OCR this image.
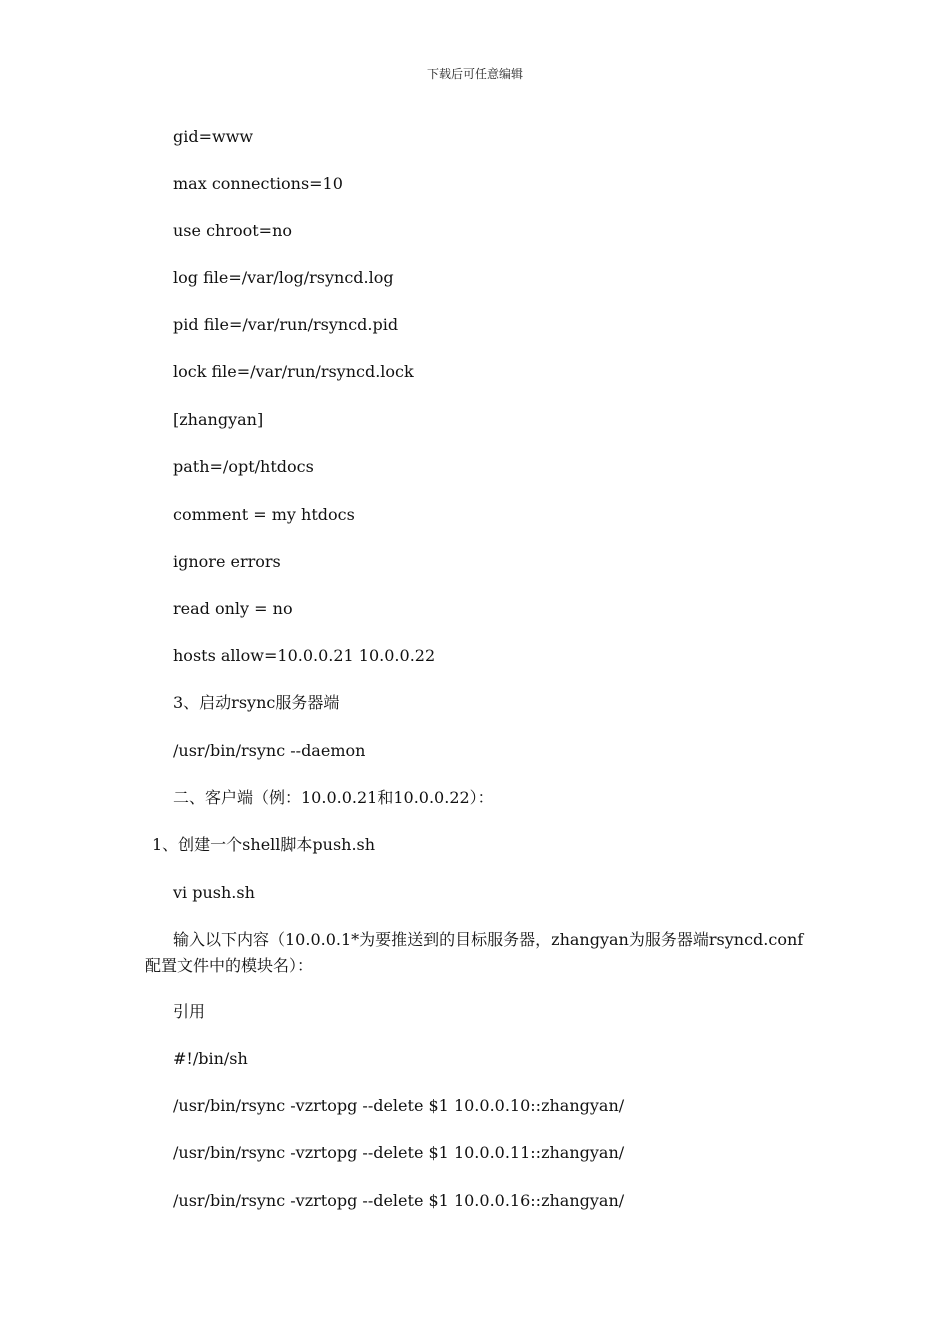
下载后可任意编辑
gid=www
max connections=10
use chroot=no
log file=/var/log/rsyncd.log
pid file=/var/run/rsyncd.pid
lock file=/var/run/rsyncd.lock
[zhangyan]
path=/opt/htdocs
comment = my htdocs
ignore errors
read only = no
hosts allow=10.0.0.21 10.0.0.22
3、启动rsync服务器端
/usr/bin/rsync --daemon
二、客户端（例：10.0.0.21和10.0.0.22）：
1、创建一个shell脚本push.sh
vi push.sh
输入以下内容（10.0.0.1*为要推送到的目标服务器，zhangyan为服务器端rsyncd.conf配置文件中的模块名）：
引用
#!/bin/sh
/usr/bin/rsync -vzrtopg --delete $1 10.0.0.10::zhangyan/
/usr/bin/rsync -vzrtopg --delete $1 10.0.0.11::zhangyan/
/usr/bin/rsync -vzrtopg --delete $1 10.0.0.16::zhangyan/
